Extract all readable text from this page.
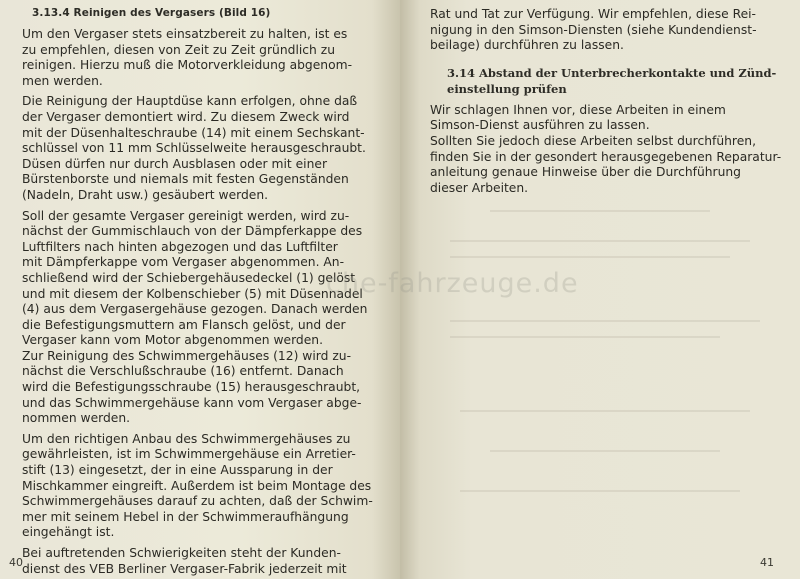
3.13.4 Reinigen des Vergasers (Bild 16)

Um den Vergaser stets einsatzbereit zu halten, ist es
zu empfehlen, diesen von Zeit zu Zeit gründlich zu
reinigen. Hierzu muß die Motorverkleidung abgenom-
men werden.

Die Reinigung der Hauptdüse kann erfolgen, ohne daß
der Vergaser demontiert wird. Zu diesem Zweck wird
mit der Düsenhalteschraube (14) mit einem Sechskant-
schlüssel von 11 mm Schlüsselweite herausgeschraubt.
Düsen dürfen nur durch Ausblasen oder mit einer
Bürstenborste und niemals mit festen Gegenständen
(Nadeln, Draht usw.) gesäubert werden.

Soll der gesamte Vergaser gereinigt werden, wird zu-
nächst der Gummischlauch von der Dämpferkappe des
Luftfilters nach hinten abgezogen und das Luftfilter
mit Dämpferkappe vom Vergaser abgenommen. An-
schließend wird der Schiebergehäusedeckel (1) gelöst
und mit diesem der Kolbenschieber (5) mit Düsennadel
(4) aus dem Vergasergehäuse gezogen. Danach werden
die Befestigungsmuttern am Flansch gelöst, und der
Vergaser kann vom Motor abgenommen werden.

Zur Reinigung des Schwimmergehäuses (12) wird zu-
nächst die Verschlußschraube (16) entfernt. Danach
wird die Befestigungsschraube (15) herausgeschraubt,
und das Schwimmergehäuse kann vom Vergaser abge-
nommen werden.

Um den richtigen Anbau des Schwimmergehäuses zu
gewährleisten, ist im Schwimmergehäuse ein Arretier-
stift (13) eingesetzt, der in eine Aussparung in der
Mischkammer eingreift. Außerdem ist beim Montage des
Schwimmergehäuses darauf zu achten, daß der Schwim-
mer mit seinem Hebel in der Schwimmeraufhängung
eingehängt ist.

Bei auftretenden Schwierigkeiten steht der Kunden-
dienst des VEB Berliner Vergaser-Fabrik jederzeit mit

40

Rat und Tat zur Verfügung. Wir empfehlen, diese Rei-
nigung in den Simson-Diensten (siehe Kundendienst-
beilage) durchführen zu lassen.

3.14 Abstand der Unterbrecherkontakte und Zünd-
einstellung prüfen

Wir schlagen Ihnen vor, diese Arbeiten in einem
Simson-Dienst ausführen zu lassen.

Sollten Sie jedoch diese Arbeiten selbst durchführen,
finden Sie in der gesondert herausgegebenen Reparatur-
anleitung genaue Hinweise über die Durchführung
dieser Arbeiten.

41
che-fahrzeuge.de
